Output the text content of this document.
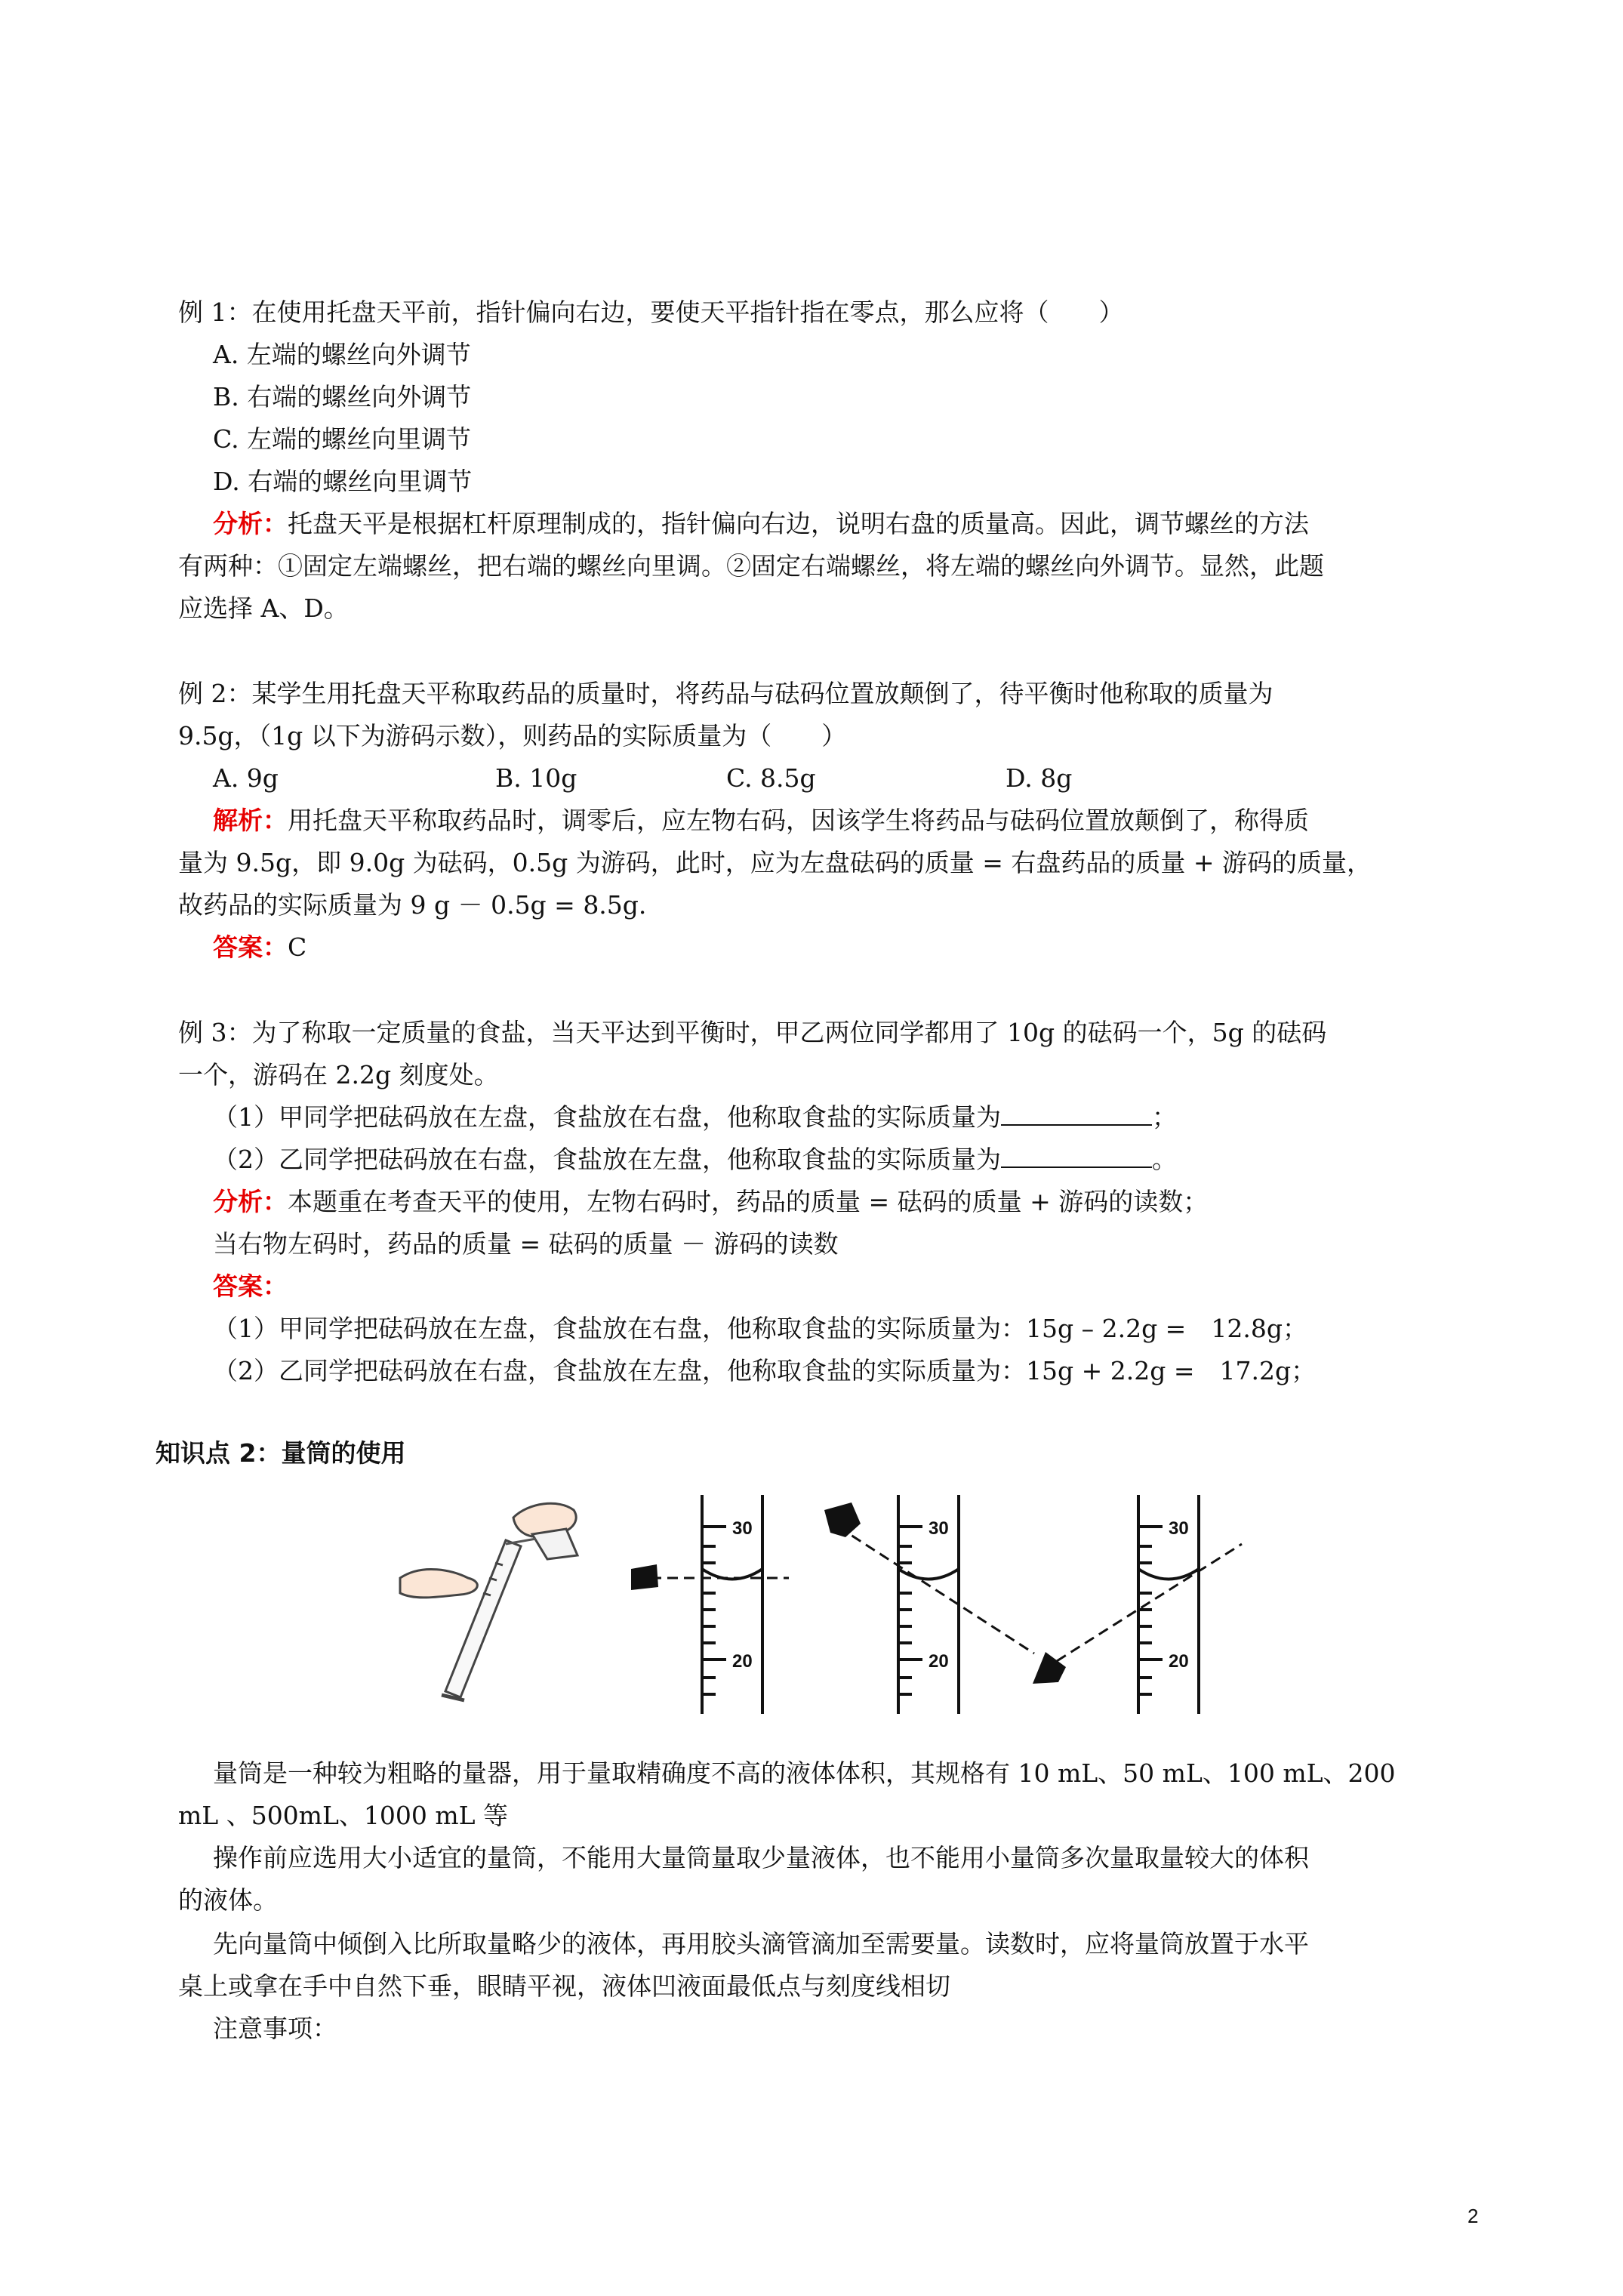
例 1：在使用托盘天平前，指针偏向右边，要使天平指针指在零点，那么应将（　　）
A. 左端的螺丝向外调节
B. 右端的螺丝向外调节
C. 左端的螺丝向里调节
D. 右端的螺丝向里调节
分析：托盘天平是根据杠杆原理制成的，指针偏向右边，说明右盘的质量高。因此，调节螺丝的方法
有两种：①固定左端螺丝，把右端的螺丝向里调。②固定右端螺丝，将左端的螺丝向外调节。显然，此题
应选择 A、D。
例 2：某学生用托盘天平称取药品的质量时，将药品与砝码位置放颠倒了，待平衡时他称取的质量为
9.5g，（1g 以下为游码示数），则药品的实际质量为（　　）
A. 9g	B. 10g	C. 8.5g	D. 8g
解析：用托盘天平称取药品时，调零后，应左物右码，因该学生将药品与砝码位置放颠倒了，称得质
量为 9.5g，即 9.0g 为砝码，0.5g 为游码，此时，应为左盘砝码的质量 = 右盘药品的质量 + 游码的质量，
故药品的实际质量为 9 g － 0.5g = 8.5g.
答案：C
例 3：为了称取一定质量的食盐，当天平达到平衡时，甲乙两位同学都用了 10g 的砝码一个，5g 的砝码
一个，游码在 2.2g 刻度处。
（1）甲同学把砝码放在左盘，食盐放在右盘，他称取食盐的实际质量为	；
（2）乙同学把砝码放在右盘，食盐放在左盘，他称取食盐的实际质量为	。
分析：本题重在考查天平的使用，左物右码时，药品的质量 = 砝码的质量 + 游码的读数；
当右物左码时，药品的质量 = 砝码的质量 － 游码的读数
答案：
（1）甲同学把砝码放在左盘，食盐放在右盘，他称取食盐的实际质量为：15g – 2.2g =　12.8g；
（2）乙同学把砝码放在右盘，食盐放在左盘，他称取食盐的实际质量为：15g + 2.2g =　17.2g；
知识点 2：量筒的使用
30
20
30
20
30
20
量筒是一种较为粗略的量器，用于量取精确度不高的液体体积，其规格有 10 mL、50 mL、100 mL、200
mL 、500mL、1000 mL 等
操作前应选用大小适宜的量筒，不能用大量筒量取少量液体，也不能用小量筒多次量取量较大的体积
的液体。
先向量筒中倾倒入比所取量略少的液体，再用胶头滴管滴加至需要量。读数时，应将量筒放置于水平
桌上或拿在手中自然下垂，眼睛平视，液体凹液面最低点与刻度线相切
注意事项：
2
